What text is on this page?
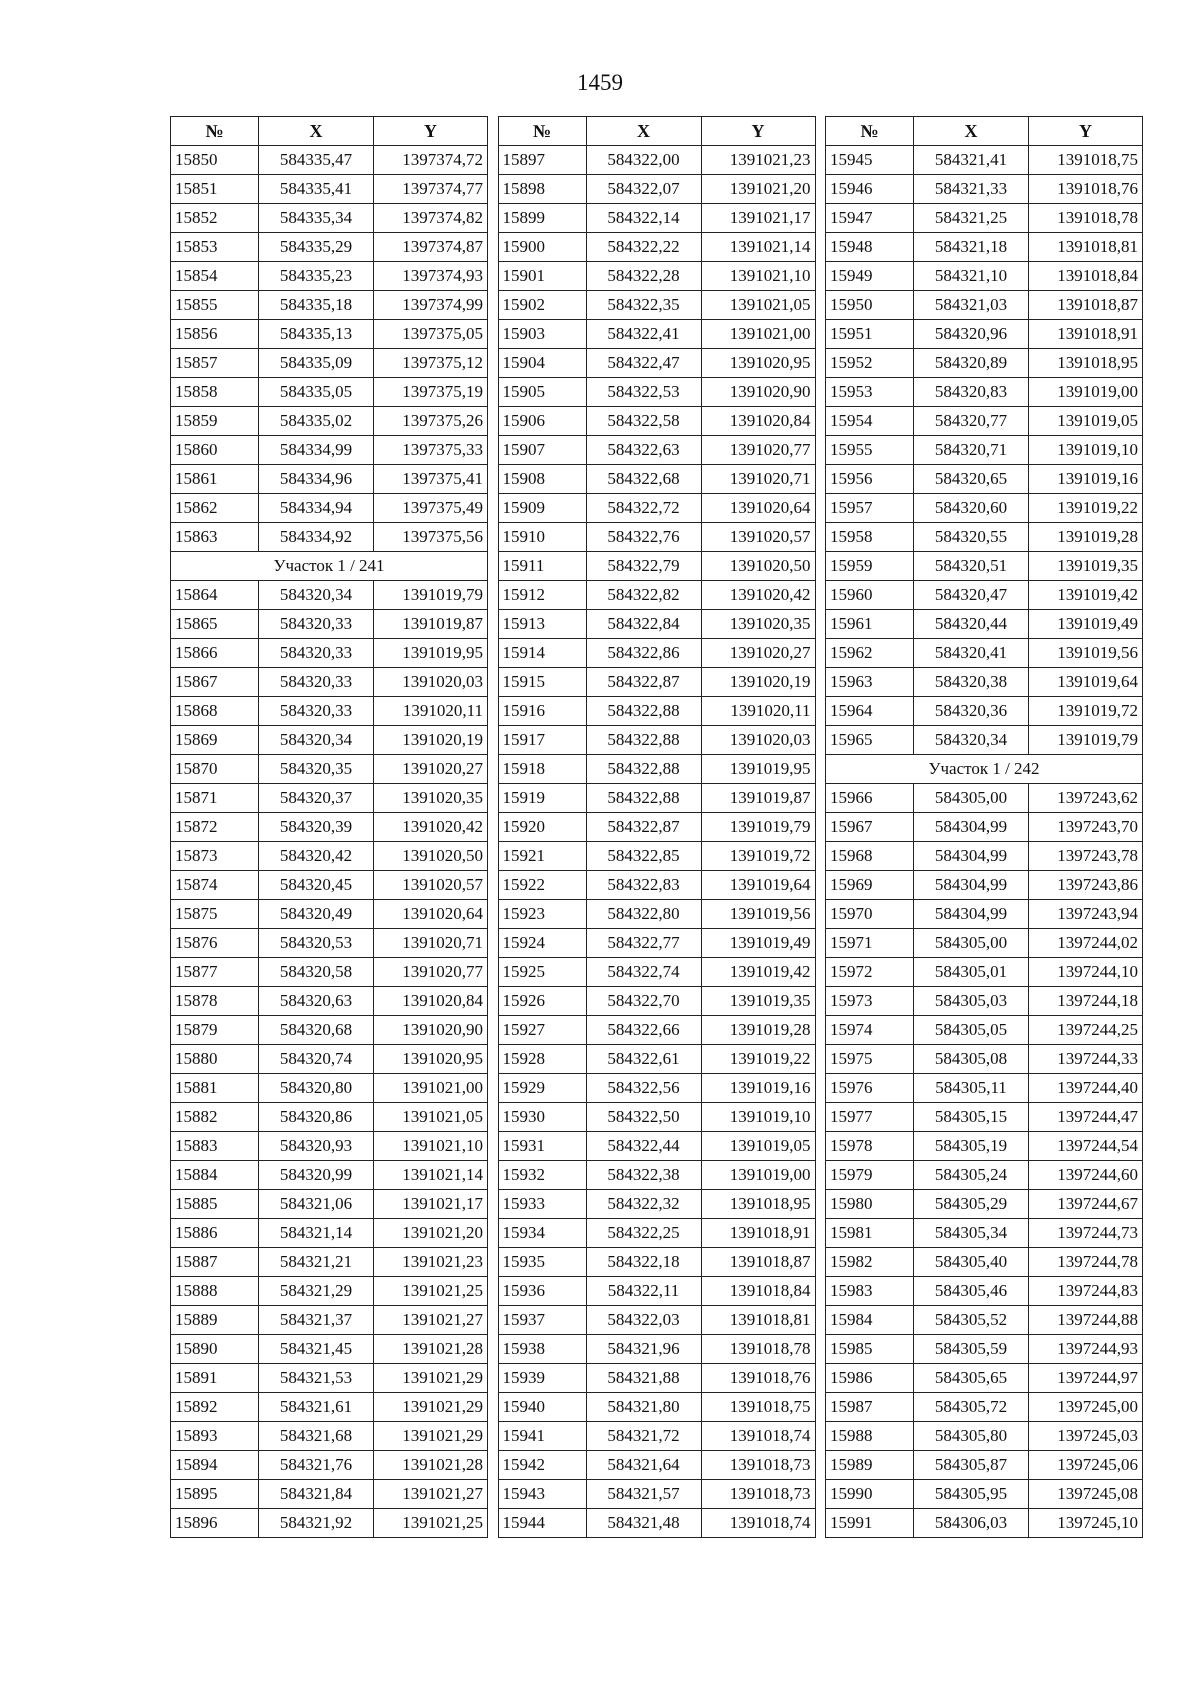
1459
№	X	Y
15850	584335,47	1397374,72
15851	584335,41	1397374,77
15852	584335,34	1397374,82
15853	584335,29	1397374,87
15854	584335,23	1397374,93
15855	584335,18	1397374,99
15856	584335,13	1397375,05
15857	584335,09	1397375,12
15858	584335,05	1397375,19
15859	584335,02	1397375,26
15860	584334,99	1397375,33
15861	584334,96	1397375,41
15862	584334,94	1397375,49
15863	584334,92	1397375,56
Участок 1 / 241		
15864	584320,34	1391019,79
15865	584320,33	1391019,87
15866	584320,33	1391019,95
15867	584320,33	1391020,03
15868	584320,33	1391020,11
15869	584320,34	1391020,19
15870	584320,35	1391020,27
15871	584320,37	1391020,35
15872	584320,39	1391020,42
15873	584320,42	1391020,50
15874	584320,45	1391020,57
15875	584320,49	1391020,64
15876	584320,53	1391020,71
15877	584320,58	1391020,77
15878	584320,63	1391020,84
15879	584320,68	1391020,90
15880	584320,74	1391020,95
15881	584320,80	1391021,00
15882	584320,86	1391021,05
15883	584320,93	1391021,10
15884	584320,99	1391021,14
15885	584321,06	1391021,17
15886	584321,14	1391021,20
15887	584321,21	1391021,23
15888	584321,29	1391021,25
15889	584321,37	1391021,27
15890	584321,45	1391021,28
15891	584321,53	1391021,29
15892	584321,61	1391021,29
15893	584321,68	1391021,29
15894	584321,76	1391021,28
15895	584321,84	1391021,27
15896	584321,92	1391021,25
№	X	Y
15897	584322,00	1391021,23
15898	584322,07	1391021,20
15899	584322,14	1391021,17
15900	584322,22	1391021,14
15901	584322,28	1391021,10
15902	584322,35	1391021,05
15903	584322,41	1391021,00
15904	584322,47	1391020,95
15905	584322,53	1391020,90
15906	584322,58	1391020,84
15907	584322,63	1391020,77
15908	584322,68	1391020,71
15909	584322,72	1391020,64
15910	584322,76	1391020,57
15911	584322,79	1391020,50
15912	584322,82	1391020,42
15913	584322,84	1391020,35
15914	584322,86	1391020,27
15915	584322,87	1391020,19
15916	584322,88	1391020,11
15917	584322,88	1391020,03
15918	584322,88	1391019,95
15919	584322,88	1391019,87
15920	584322,87	1391019,79
15921	584322,85	1391019,72
15922	584322,83	1391019,64
15923	584322,80	1391019,56
15924	584322,77	1391019,49
15925	584322,74	1391019,42
15926	584322,70	1391019,35
15927	584322,66	1391019,28
15928	584322,61	1391019,22
15929	584322,56	1391019,16
15930	584322,50	1391019,10
15931	584322,44	1391019,05
15932	584322,38	1391019,00
15933	584322,32	1391018,95
15934	584322,25	1391018,91
15935	584322,18	1391018,87
15936	584322,11	1391018,84
15937	584322,03	1391018,81
15938	584321,96	1391018,78
15939	584321,88	1391018,76
15940	584321,80	1391018,75
15941	584321,72	1391018,74
15942	584321,64	1391018,73
15943	584321,57	1391018,73
15944	584321,48	1391018,74
№	X	Y
15945	584321,41	1391018,75
15946	584321,33	1391018,76
15947	584321,25	1391018,78
15948	584321,18	1391018,81
15949	584321,10	1391018,84
15950	584321,03	1391018,87
15951	584320,96	1391018,91
15952	584320,89	1391018,95
15953	584320,83	1391019,00
15954	584320,77	1391019,05
15955	584320,71	1391019,10
15956	584320,65	1391019,16
15957	584320,60	1391019,22
15958	584320,55	1391019,28
15959	584320,51	1391019,35
15960	584320,47	1391019,42
15961	584320,44	1391019,49
15962	584320,41	1391019,56
15963	584320,38	1391019,64
15964	584320,36	1391019,72
15965	584320,34	1391019,79
Участок 1 / 242		
15966	584305,00	1397243,62
15967	584304,99	1397243,70
15968	584304,99	1397243,78
15969	584304,99	1397243,86
15970	584304,99	1397243,94
15971	584305,00	1397244,02
15972	584305,01	1397244,10
15973	584305,03	1397244,18
15974	584305,05	1397244,25
15975	584305,08	1397244,33
15976	584305,11	1397244,40
15977	584305,15	1397244,47
15978	584305,19	1397244,54
15979	584305,24	1397244,60
15980	584305,29	1397244,67
15981	584305,34	1397244,73
15982	584305,40	1397244,78
15983	584305,46	1397244,83
15984	584305,52	1397244,88
15985	584305,59	1397244,93
15986	584305,65	1397244,97
15987	584305,72	1397245,00
15988	584305,80	1397245,03
15989	584305,87	1397245,06
15990	584305,95	1397245,08
15991	584306,03	1397245,10
